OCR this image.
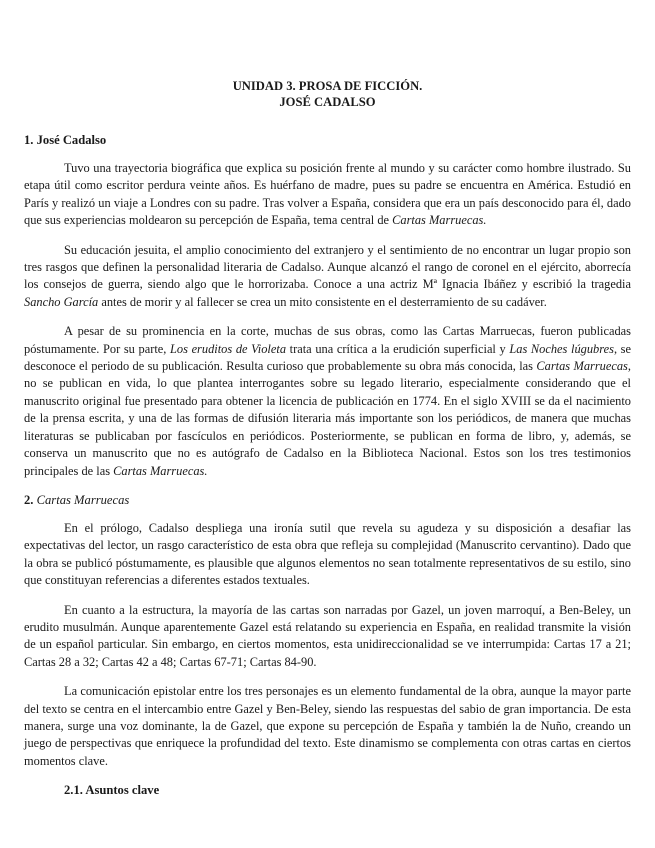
UNIDAD 3. PROSA DE FICCIÓN.
JOSÉ CADALSO
1. José Cadalso

Tuvo una trayectoria biográfica que explica su posición frente al mundo y su carácter como hombre ilustrado. Su etapa útil como escritor perdura veinte años. Es huérfano de madre, pues su padre se encuentra en América. Estudió en París y realizó un viaje a Londres con su padre. Tras volver a España, considera que era un país desconocido para él, dado que sus experiencias moldearon su percepción de España, tema central de Cartas Marruecas.

Su educación jesuita, el amplio conocimiento del extranjero y el sentimiento de no encontrar un lugar propio son tres rasgos que definen la personalidad literaria de Cadalso. Aunque alcanzó el rango de coronel en el ejército, aborrecía los consejos de guerra, siendo algo que le horrorizaba. Conoce a una actriz Mª Ignacia Ibáñez y escribió la tragedia Sancho García antes de morir y al fallecer se crea un mito consistente en el desterramiento de su cadáver.

A pesar de su prominencia en la corte, muchas de sus obras, como las Cartas Marruecas, fueron publicadas póstumamente. Por su parte, Los eruditos de Violeta trata una crítica a la erudición superficial y Las Noches lúgubres, se desconoce el periodo de su publicación. Resulta curioso que probablemente su obra más conocida, las Cartas Marruecas, no se publican en vida, lo que plantea interrogantes sobre su legado literario, especialmente considerando que el manuscrito original fue presentado para obtener la licencia de publicación en 1774. En el siglo XVIII se da el nacimiento de la prensa escrita, y una de las formas de difusión literaria más importante son los periódicos, de manera que muchas literaturas se publicaban por fascículos en periódicos. Posteriormente, se publican en forma de libro, y, además, se conserva un manuscrito que no es autógrafo de Cadalso en la Biblioteca Nacional. Estos son los tres testimonios principales de las Cartas Marruecas.

2. Cartas Marruecas

En el prólogo, Cadalso despliega una ironía sutil que revela su agudeza y su disposición a desafiar las expectativas del lector, un rasgo característico de esta obra que refleja su complejidad (Manuscrito cervantino). Dado que la obra se publicó póstumamente, es plausible que algunos elementos no sean totalmente representativos de su estilo, sino que constituyan referencias a diferentes estados textuales.

En cuanto a la estructura, la mayoría de las cartas son narradas por Gazel, un joven marroquí, a Ben-Beley, un erudito musulmán. Aunque aparentemente Gazel está relatando su experiencia en España, en realidad transmite la visión de un español particular. Sin embargo, en ciertos momentos, esta unidireccionalidad se ve interrumpida: Cartas 17 a 21; Cartas 28 a 32; Cartas 42 a 48; Cartas 67-71; Cartas 84-90.

La comunicación epistolar entre los tres personajes es un elemento fundamental de la obra, aunque la mayor parte del texto se centra en el intercambio entre Gazel y Ben-Beley, siendo las respuestas del sabio de gran importancia. De esta manera, surge una voz dominante, la de Gazel, que expone su percepción de España y también la de Nuño, creando un juego de perspectivas que enriquece la profundidad del texto. Este dinamismo se complementa con otras cartas en ciertos momentos clave.

2.1. Asuntos clave
